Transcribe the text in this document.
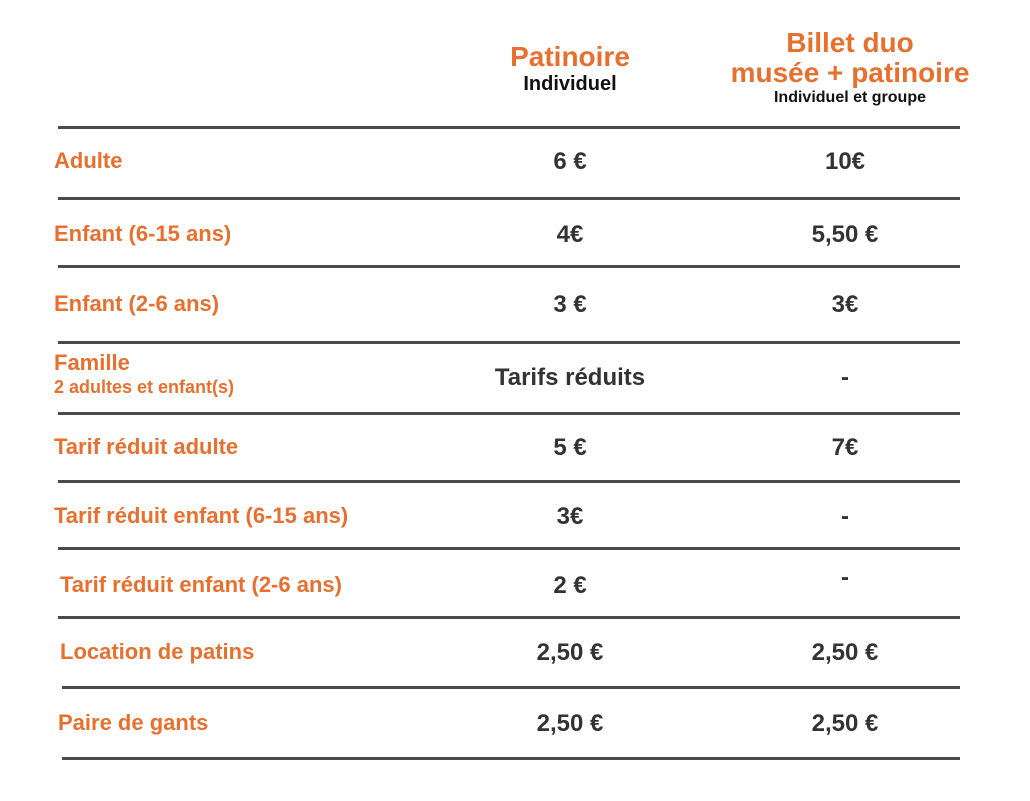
Patinoire
Individuel
Billet duo
musée + patinoire
Individuel et groupe
Adulte	6 €	10€
Enfant (6-15 ans)	4€	5,50 €
Enfant (2-6 ans)	3 €	3€
Famille
2 adultes et enfant(s)	Tarifs réduits	-
Tarif réduit adulte	5 €	7€
Tarif réduit enfant (6-15 ans)	3€	-
Tarif réduit enfant (2-6 ans)	2 €	-
Location de patins	2,50 €	2,50 €
Paire de gants	2,50 €	2,50 €
